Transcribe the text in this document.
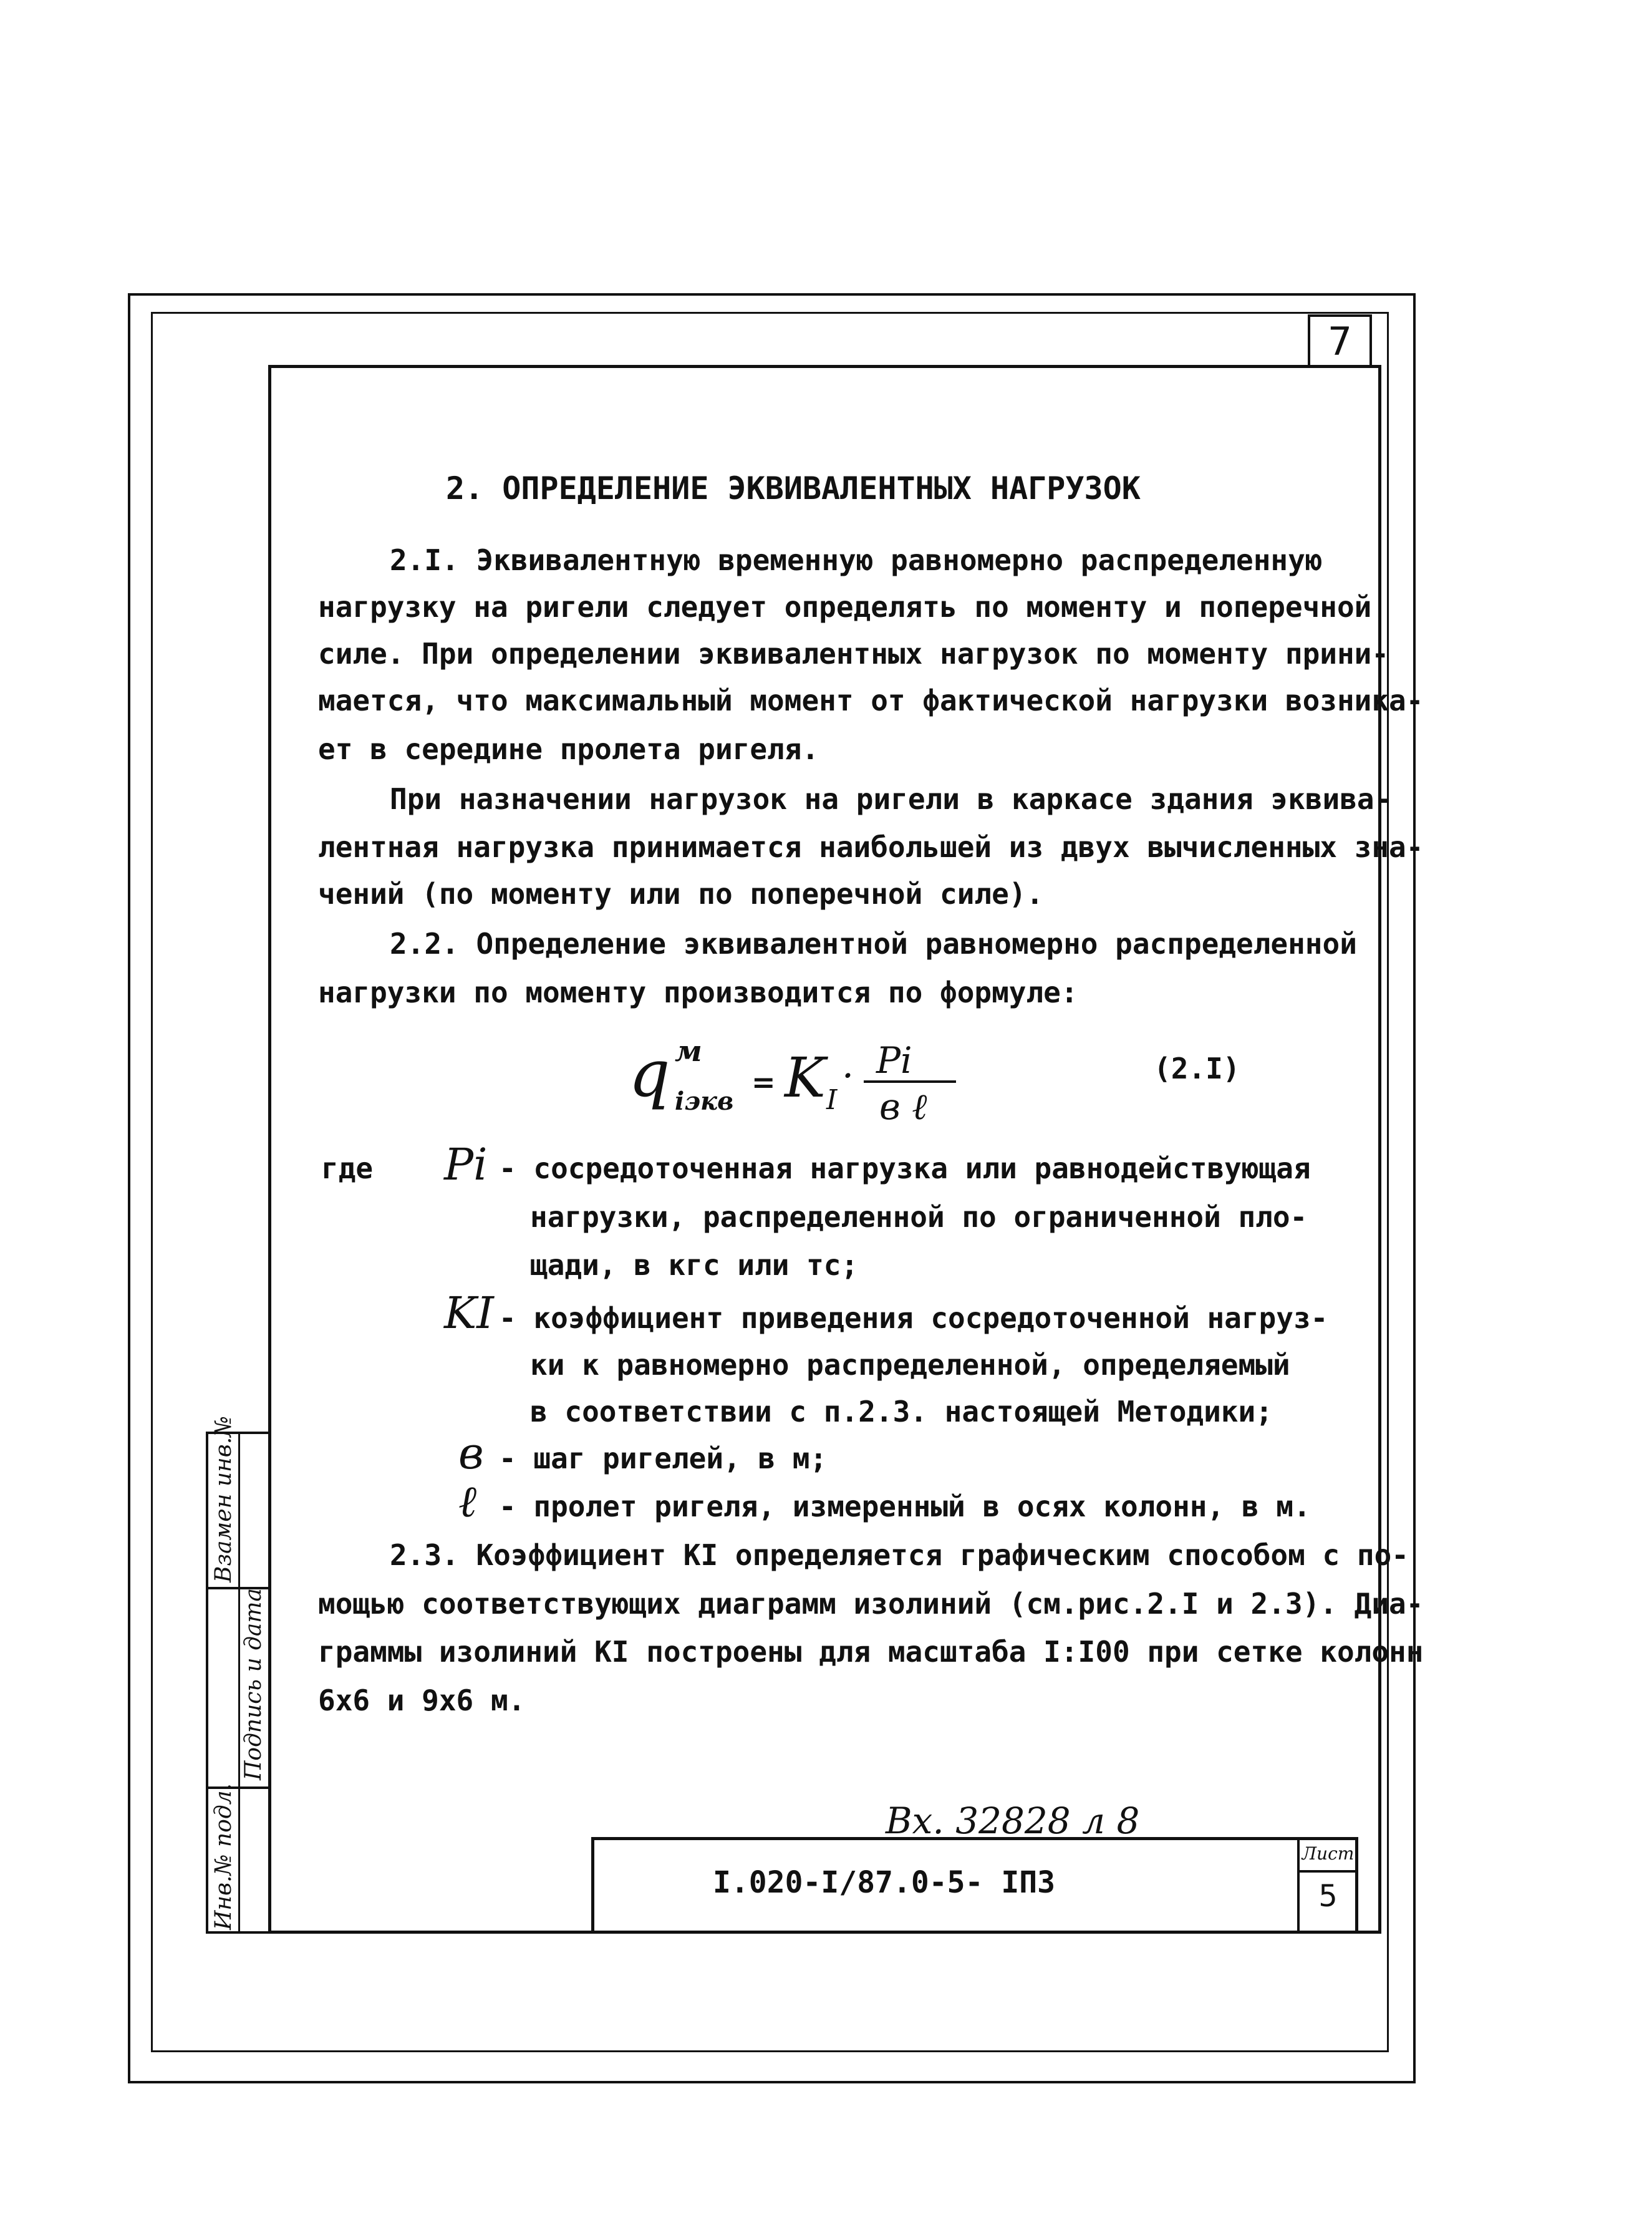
7
Взамен инв.№
Подпись и дата
Инв.№ подл.
2. ОПРЕДЕЛЕНИЕ ЭКВИВАЛЕНТНЫХ НАГРУЗОК
2.I. Эквивалентную временную равномерно распределенную
нагрузку на ригели следует определять по моменту и поперечной
силе. При определении эквивалентных нагрузок по моменту прини-
мается, что максимальный момент от фактической нагрузки возника-
ет в середине пролета ригеля.
При назначении нагрузок на ригели в каркасе здания эквива-
лентная нагрузка принимается наибольшей из двух вычисленных зна-
чений (по моменту или по поперечной силе).
2.2. Определение эквивалентной равномерно распределенной
нагрузки по моменту производится по формуле:
q м
iэкв
= K I
· Pi
в ℓ
(2.I)
где Pi - сосредоточенная нагрузка или равнодействующая
нагрузки, распределенной по ограниченной пло-
щади, в кгс или тс;
KI - коэффициент приведения сосредоточенной нагруз-
ки к равномерно распределенной, определяемый
в соответствии с п.2.3. настоящей Методики;
в - шаг ригелей, в м;
ℓ - пролет ригеля, измеренный в осях колонн, в м.
2.3. Коэффициент KI определяется графическим способом с по-
мощью соответствующих диаграмм изолиний (см.рис.2.I и 2.3). Диа-
граммы изолиний KI построены для масштаба I:I00 при сетке колонн
6х6 и 9х6 м.
Вх. 32828 л 8
I.020-I/87.0-5- IПЗ
Лист
5
